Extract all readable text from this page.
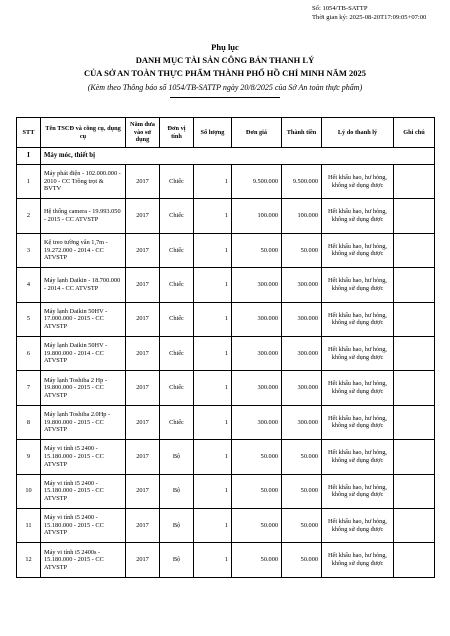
Số: 1054/TB-SATTP
Thời gian ký: 2025-08-20T17:09:05+07:00
Phụ lục
DANH MỤC TÀI SẢN CÔNG BÁN THANH LÝ
CỦA SỞ AN TOÀN THỰC PHẨM THÀNH PHỐ HỒ CHÍ MINH NĂM 2025
(Kèm theo Thông báo số 1054/TB-SATTP ngày 20/8/2025 của Sở An toàn thực phẩm)
STT	Tên TSCĐ và công cụ, dụng cụ	Năm đưa vào sử dụng	Đơn vị tính	Số lượng	Đơn giá	Thành tiền	Lý do thanh lý	Ghi chú
I	Máy móc, thiết bị							
1	Máy phát điện - 102.000.000 - 2010 - CC Trồng trọt & BVTV	2017	Chiếc	1	9.500.000	9.500.000	Hết khấu hao, hư hỏng, không sử dụng được	
2	Hệ thống camera - 19.993.050 - 2015 - CC ATVSTP	2017	Chiếc	1	100.000	100.000	Hết khấu hao, hư hỏng, không sử dụng được	
3	Kệ treo tường vân 1,7m - 19.272.000 - 2014 - CC ATVSTP	2017	Chiếc	1	50.000	50.000	Hết khấu hao, hư hỏng, không sử dụng được	
4	Máy lạnh Daikin - 18.700.000 - 2014 - CC ATVSTP	2017	Chiếc	1	300.000	300.000	Hết khấu hao, hư hỏng, không sử dụng được	
5	Máy lạnh Daikin 50HV - 17.000.000 - 2015 - CC ATVSTP	2017	Chiếc	1	300.000	300.000	Hết khấu hao, hư hỏng, không sử dụng được	
6	Máy lạnh Daikin 50HV - 19.800.000 - 2014 - CC ATVSTP	2017	Chiếc	1	300.000	300.000	Hết khấu hao, hư hỏng, không sử dụng được	
7	Máy lạnh Toshiba 2 Hp - 19.800.000 - 2015 - CC ATVSTP	2017	Chiếc	1	300.000	300.000	Hết khấu hao, hư hỏng, không sử dụng được	
8	Máy lạnh Toshiba 2.0Hp - 19.800.000 - 2015 - CC ATVSTP	2017	Chiếc	1	300.000	300.000	Hết khấu hao, hư hỏng, không sử dụng được	
9	Máy vi tính i5 2400 - 15.180.000 - 2015 - CC ATVSTP	2017	Bộ	1	50.000	50.000	Hết khấu hao, hư hỏng, không sử dụng được	
10	Máy vi tính i5 2400 - 15.180.000 - 2015 - CC ATVSTP	2017	Bộ	1	50.000	50.000	Hết khấu hao, hư hỏng, không sử dụng được	
11	Máy vi tính i5 2400 - 15.180.000 - 2015 - CC ATVSTP	2017	Bộ	1	50.000	50.000	Hết khấu hao, hư hỏng, không sử dụng được	
12	Máy vi tính i5 2400s - 15.180.000 - 2015 - CC ATVSTP	2017	Bộ	1	50.000	50.000	Hết khấu hao, hư hỏng, không sử dụng được	
